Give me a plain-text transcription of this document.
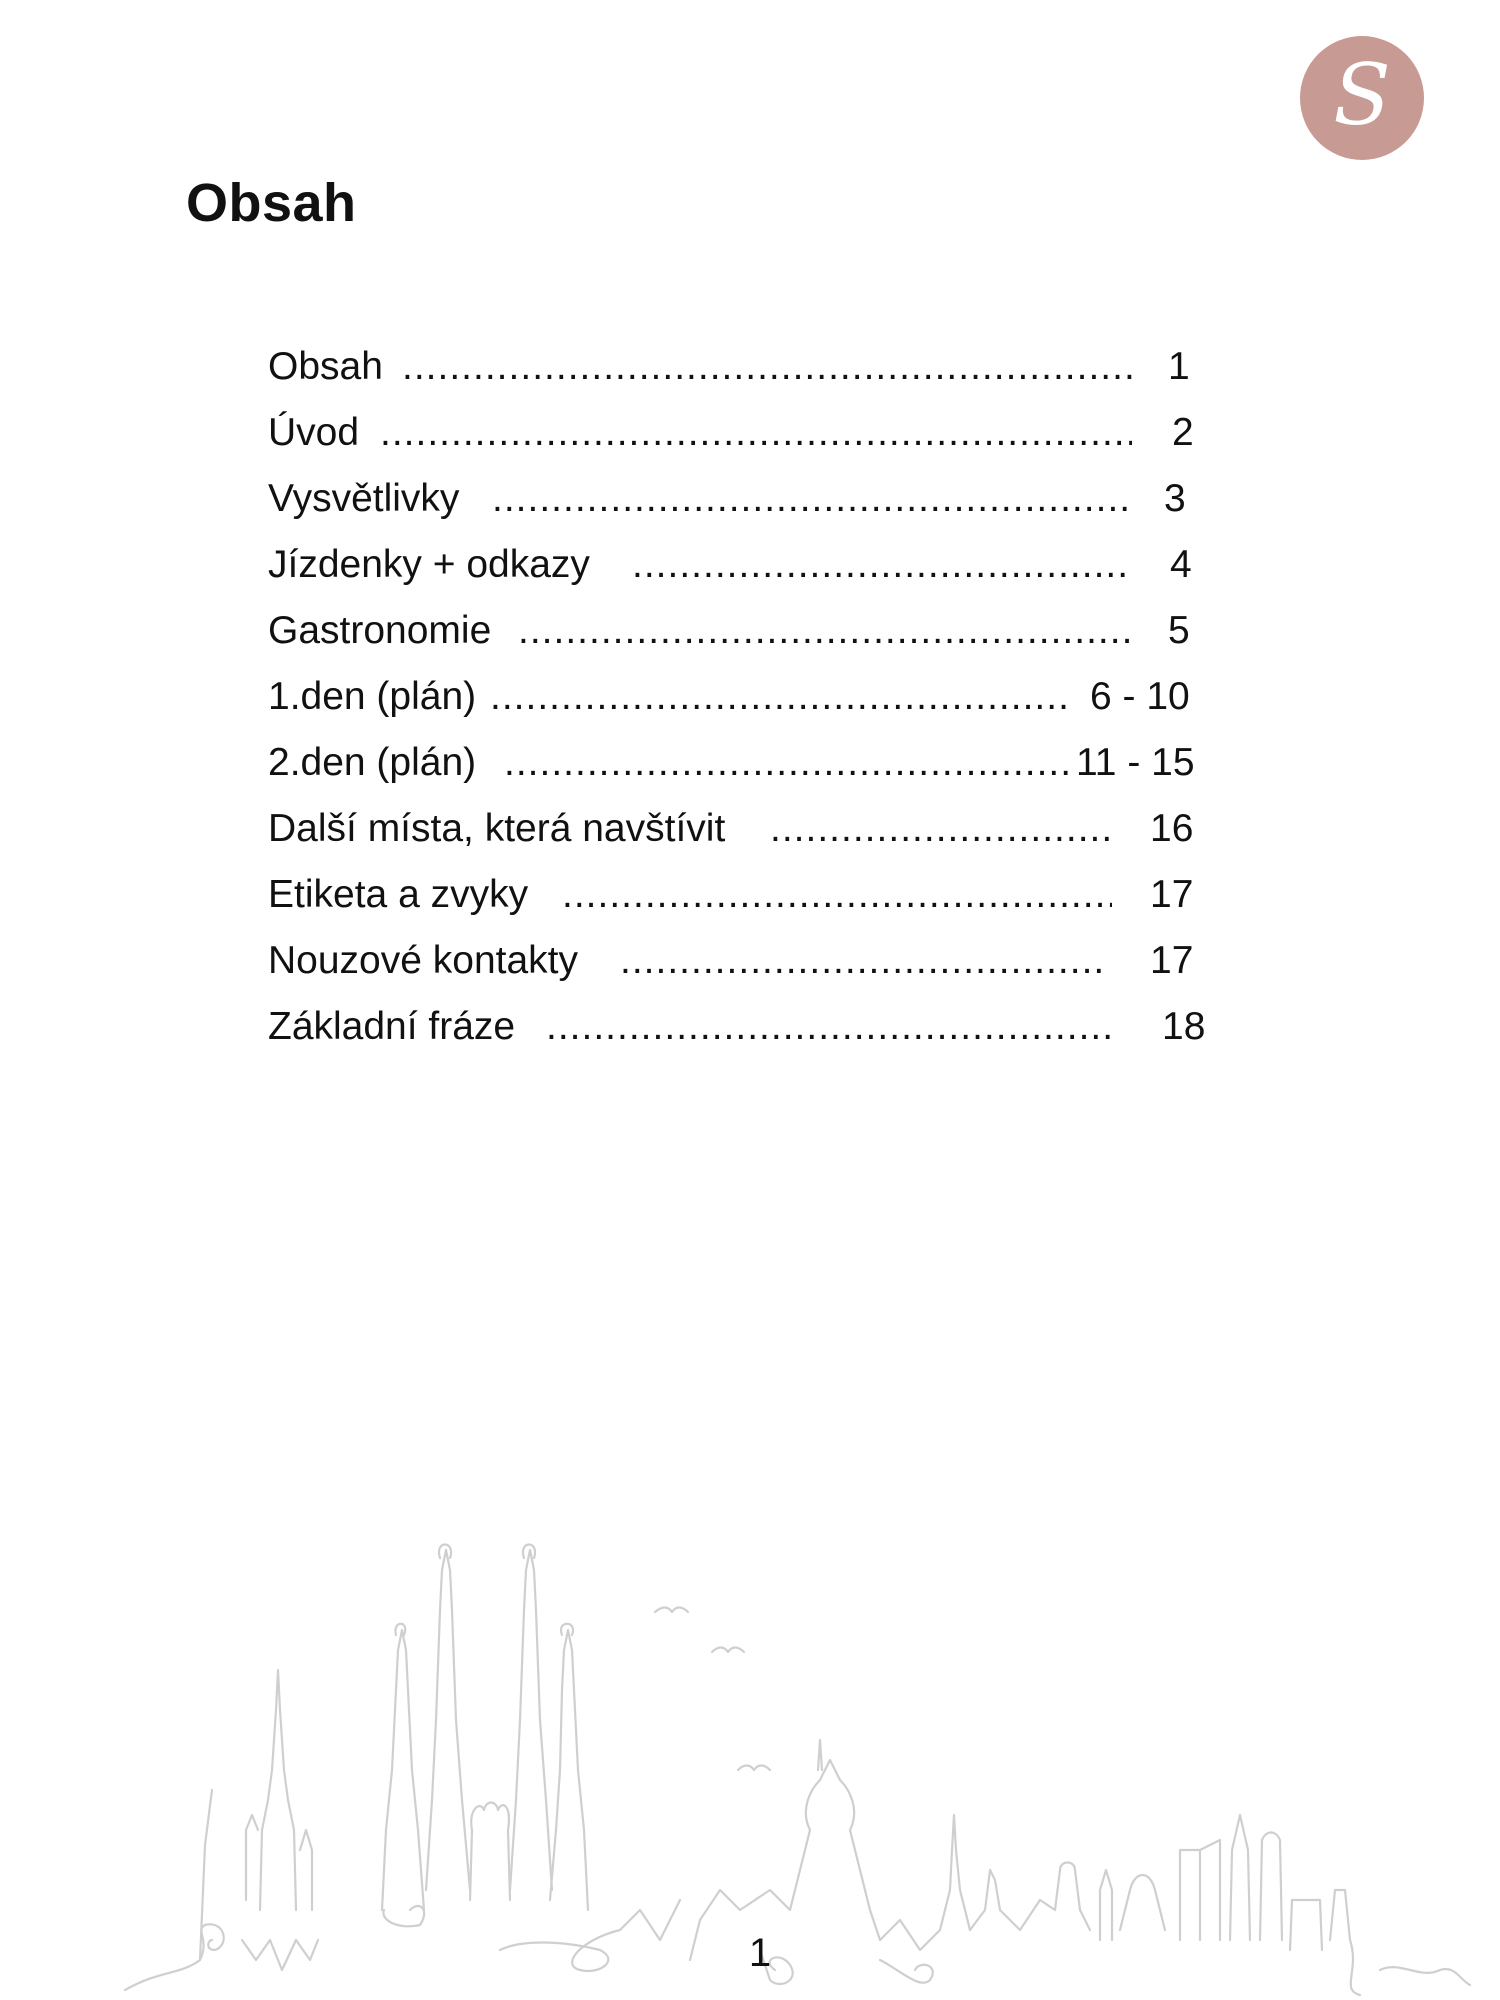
S
Obsah
Obsah .....	1
Úvod .....	2
Vysvětlivky .....	3
Jízdenky + odkazy .....	4
Gastronomie .....	5
1.den (plán) .....	6 - 10
2.den (plán) .....	11 - 15
Další místa, která navštívit .....	16
Etiketa a zvyky .....	17
Nouzové kontakty .....	17
Základní fráze .....	18
1
